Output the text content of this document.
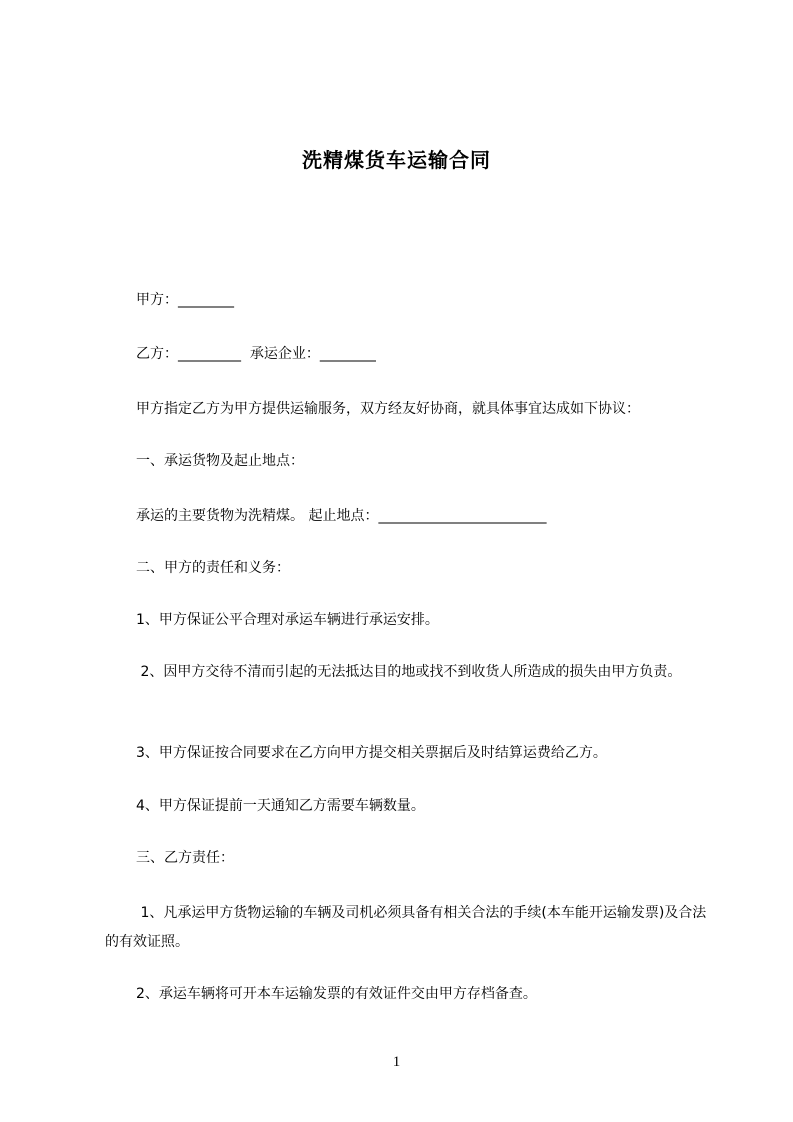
洗精煤货车运输合同
甲方：________
乙方：_________  承运企业：________
甲方指定乙方为甲方提供运输服务，双方经友好协商，就具体事宜达成如下协议：
一、承运货物及起止地点：
承运的主要货物为洗精煤。 起止地点：________________________
二、甲方的责任和义务：
1、甲方保证公平合理对承运车辆进行承运安排。
2、因甲方交待不清而引起的无法抵达目的地或找不到收货人所造成的损失由甲方负责。
3、甲方保证按合同要求在乙方向甲方提交相关票据后及时结算运费给乙方。
4、甲方保证提前一天通知乙方需要车辆数量。
三、乙方责任：
1、凡承运甲方货物运输的车辆及司机必须具备有相关合法的手续(本车能开运输发票)及合法的有效证照。
2、承运车辆将可开本车运输发票的有效证件交由甲方存档备查。
1
